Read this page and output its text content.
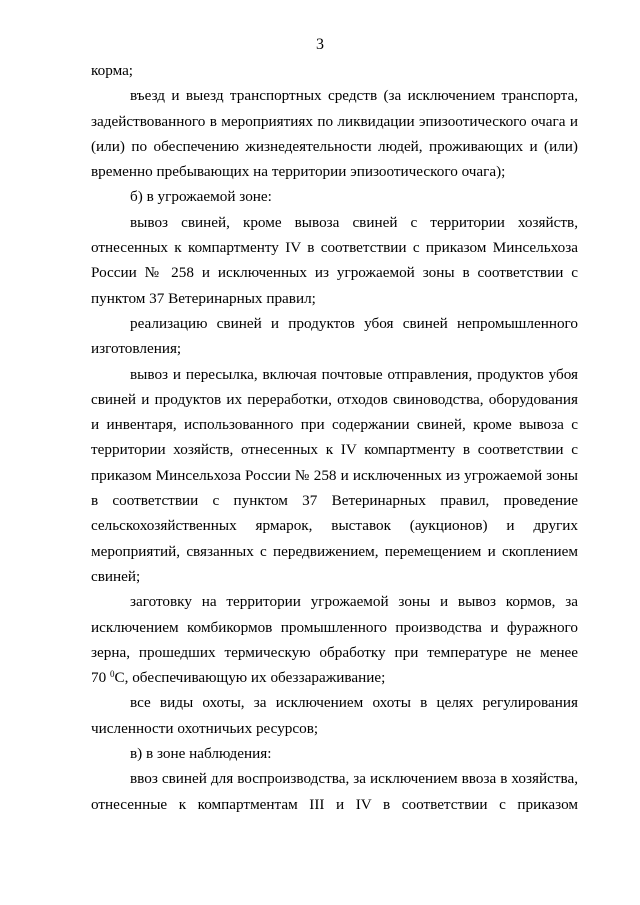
3
корма;
въезд и выезд транспортных средств (за исключением транспорта,
задействованного в мероприятиях по ликвидации эпизоотического очага и
(или) по обеспечению жизнедеятельности людей, проживающих и (или)
временно пребывающих на территории эпизоотического очага);
б) в угрожаемой зоне:
вывоз свиней, кроме вывоза свиней с территории хозяйств,
отнесенных к компартменту IV в соответствии с приказом Минсельхоза
России № 258 и исключенных из угрожаемой зоны в соответствии с
пунктом 37 Ветеринарных правил;
реализацию свиней и продуктов убоя свиней непромышленного
изготовления;
вывоз и пересылка, включая почтовые отправления, продуктов убоя
свиней и продуктов их переработки, отходов свиноводства, оборудования
и инвентаря, использованного при содержании свиней, кроме вывоза с
территории хозяйств, отнесенных к IV компартменту в соответствии с
приказом Минсельхоза России № 258 и исключенных из угрожаемой зоны
в соответствии с пунктом 37 Ветеринарных правил, проведение
сельскохозяйственных ярмарок, выставок (аукционов) и других
мероприятий, связанных с передвижением, перемещением и скоплением
свиней;
заготовку на территории угрожаемой зоны и вывоз кормов, за
исключением комбикормов промышленного производства и фуражного
зерна, прошедших термическую обработку при температуре не менее
70 $^0$С, обеспечивающую их обеззараживание;
все виды охоты, за исключением охоты в целях регулирования
численности охотничьих ресурсов;
в) в зоне наблюдения:
ввоз свиней для воспроизводства, за исключением ввоза в хозяйства,
отнесенные к компартментам III и IV в соответствии с приказом
